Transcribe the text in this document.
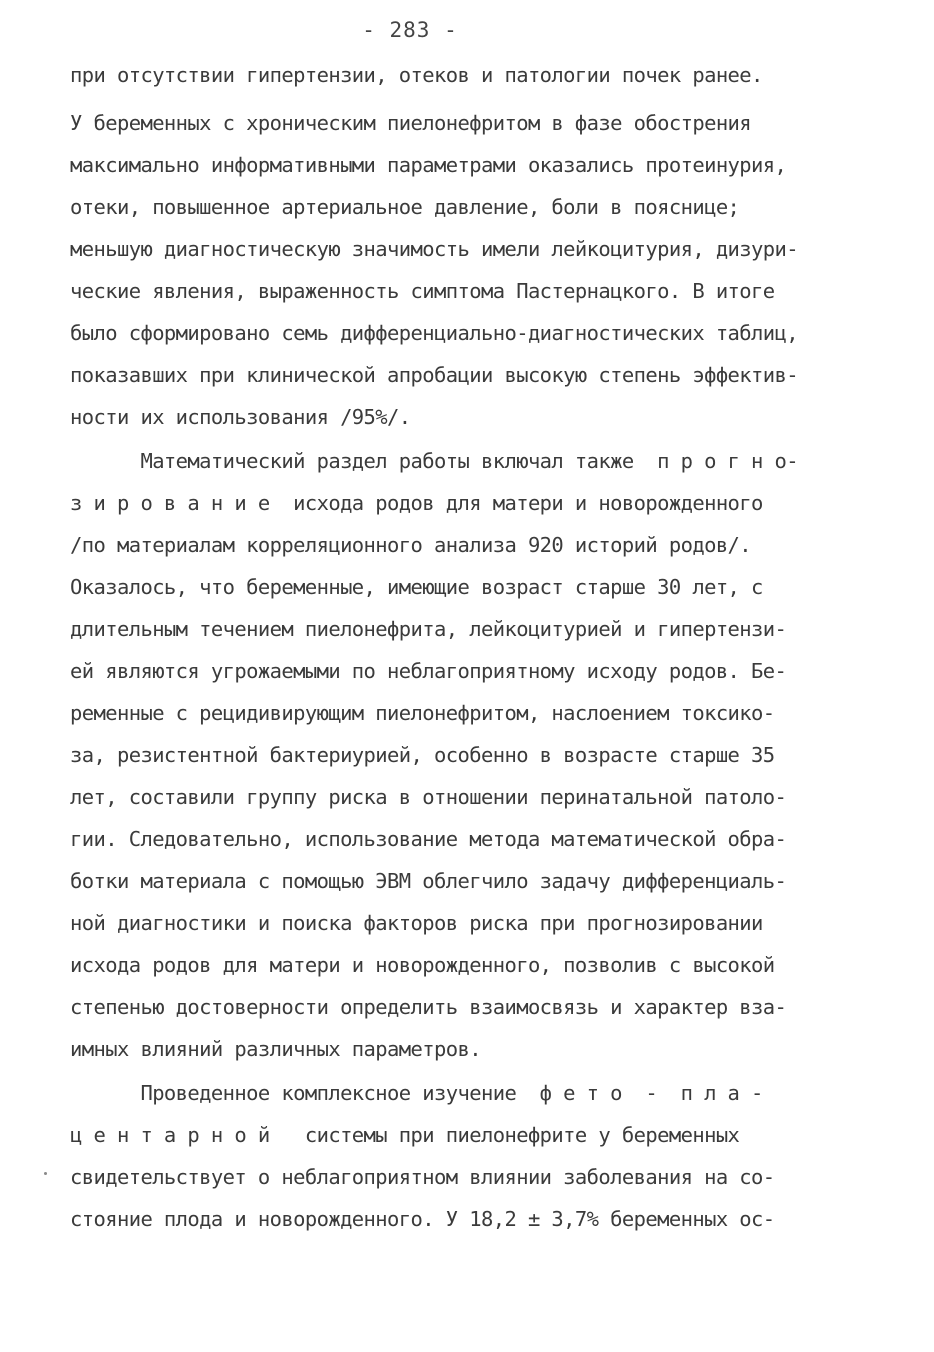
- 283 -
при отсутствии гипертензии, отеков и патологии почек ранее.
У беременных с хроническим пиелонефритом в фазе обострения
максимально информативными параметрами оказались протеинурия,
отеки, повышенное артериальное давление, боли в пояснице;
меньшую диагностическую значимость имели лейкоцитурия, дизури-
ческие явления, выраженность симптома Пастернацкого. В итоге
было сформировано семь дифференциально-диагностических таблиц,
показавших при клинической апробации высокую степень эффектив-
ности их использования /95%/.
Математический раздел работы включал также  п р о г н о-
з и р о в а н и е  исхода родов для матери и новорожденного
/по материалам корреляционного анализа 920 историй родов/.
Оказалось, что беременные, имеющие возраст старше 30 лет, с
длительным течением пиелонефрита, лейкоцитурией и гипертензи-
ей являются угрожаемыми по неблагоприятному исходу родов. Бе-
ременные с рецидивирующим пиелонефритом, наслоением токсико-
за, резистентной бактериурией, особенно в возрасте старше 35
лет, составили группу риска в отношении перинатальной патоло-
гии. Следовательно, использование метода математической обра-
ботки материала с помощью ЭВМ облегчило задачу дифференциаль-
ной диагностики и поиска факторов риска при прогнозировании
исхода родов для матери и новорожденного, позволив с высокой
степенью достоверности определить взаимосвязь и характер вза-
имных влияний различных параметров.
Проведенное комплексное изучение  ф е т о  -  п л а -
ц е н т а р н о й   системы при пиелонефрите у беременных
свидетельствует о неблагоприятном влиянии заболевания на со-
стояние плода и новорожденного. У 18,2 ± 3,7% беременных ос-
